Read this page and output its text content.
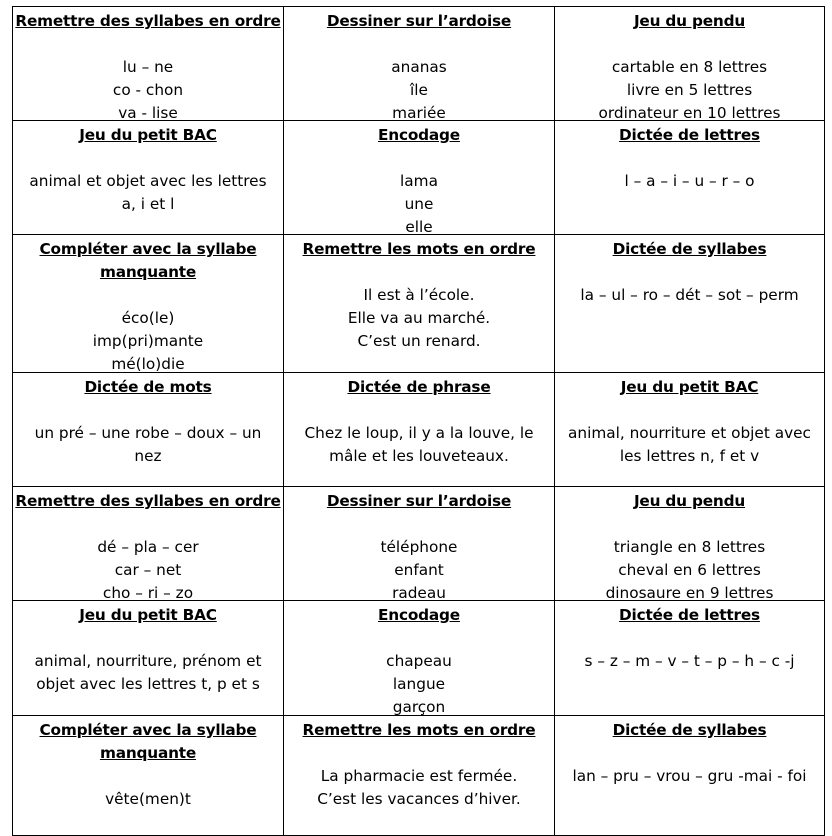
Remettre des syllabes en ordre
lu – ne
co - chon
va - lise
Dessiner sur l’ardoise
ananas
île
mariée
Jeu du pendu
cartable en 8 lettres
livre en 5 lettres
ordinateur en 10 lettres
Jeu du petit BAC
animal et objet avec les lettres
a, i et l
Encodage
lama
une
elle
Dictée de lettres
l – a – i – u – r – o
Compléter avec la syllabe
manquante
éco(le)
imp(pri)mante
mé(lo)die
Remettre les mots en ordre
Il est à l’école.
Elle va au marché.
C’est un renard.
Dictée de syllabes
la – ul – ro – dét – sot – perm
Dictée de mots
un pré – une robe – doux – un
nez
Dictée de phrase
Chez le loup, il y a la louve, le
mâle et les louveteaux.
Jeu du petit BAC
animal, nourriture et objet avec
les lettres n, f et v
Remettre des syllabes en ordre
dé – pla – cer
car – net
cho – ri – zo
Dessiner sur l’ardoise
téléphone
enfant
radeau
Jeu du pendu
triangle en 8 lettres
cheval en 6 lettres
dinosaure en 9 lettres
Jeu du petit BAC
animal, nourriture, prénom et
objet avec les lettres t, p et s
Encodage
chapeau
langue
garçon
Dictée de lettres
s – z – m – v – t – p – h – c -j
Compléter avec la syllabe
manquante
vête(men)t
Remettre les mots en ordre
La pharmacie est fermée.
C’est les vacances d’hiver.
Dictée de syllabes
lan – pru – vrou – gru -mai - foi
